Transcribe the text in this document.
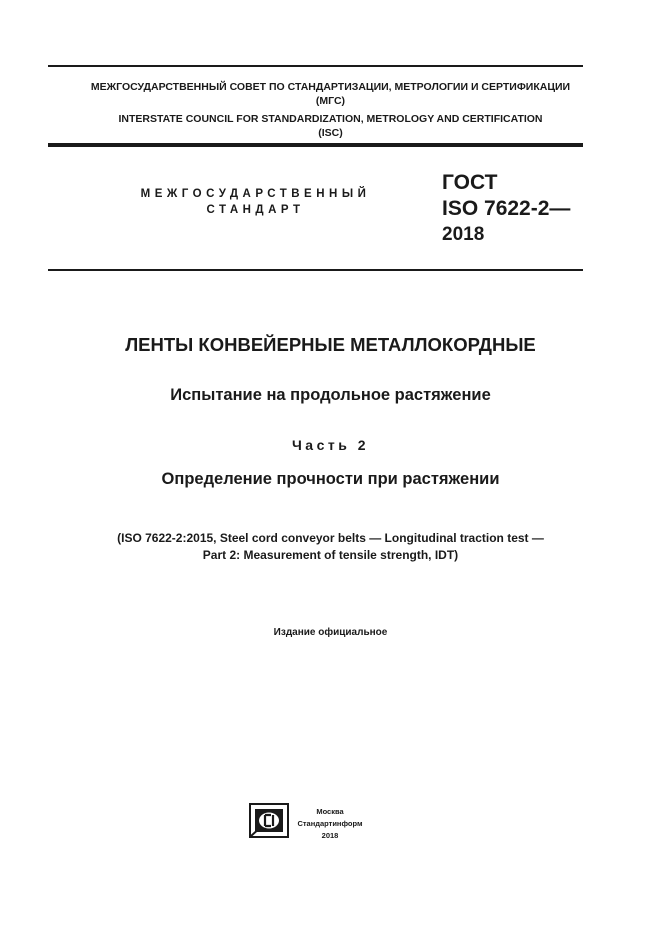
МЕЖГОСУДАРСТВЕННЫЙ СОВЕТ ПО СТАНДАРТИЗАЦИИ, МЕТРОЛОГИИ И СЕРТИФИКАЦИИ
(МГС)
INTERSTATE COUNCIL FOR STANDARDIZATION, METROLOGY AND CERTIFICATION
(ISC)
МЕЖГОСУДАРСТВЕННЫЙ
СТАНДАРТ
ГОСТ
ISO 7622-2—
2018
ЛЕНТЫ КОНВЕЙЕРНЫЕ МЕТАЛЛОКОРДНЫЕ
Испытание на продольное растяжение
Часть 2
Определение прочности при растяжении
(ISO 7622-2:2015, Steel cord conveyor belts — Longitudinal traction test —
Part 2: Measurement of tensile strength, IDT)
Издание официальное
Москва
Стандартинформ
2018
